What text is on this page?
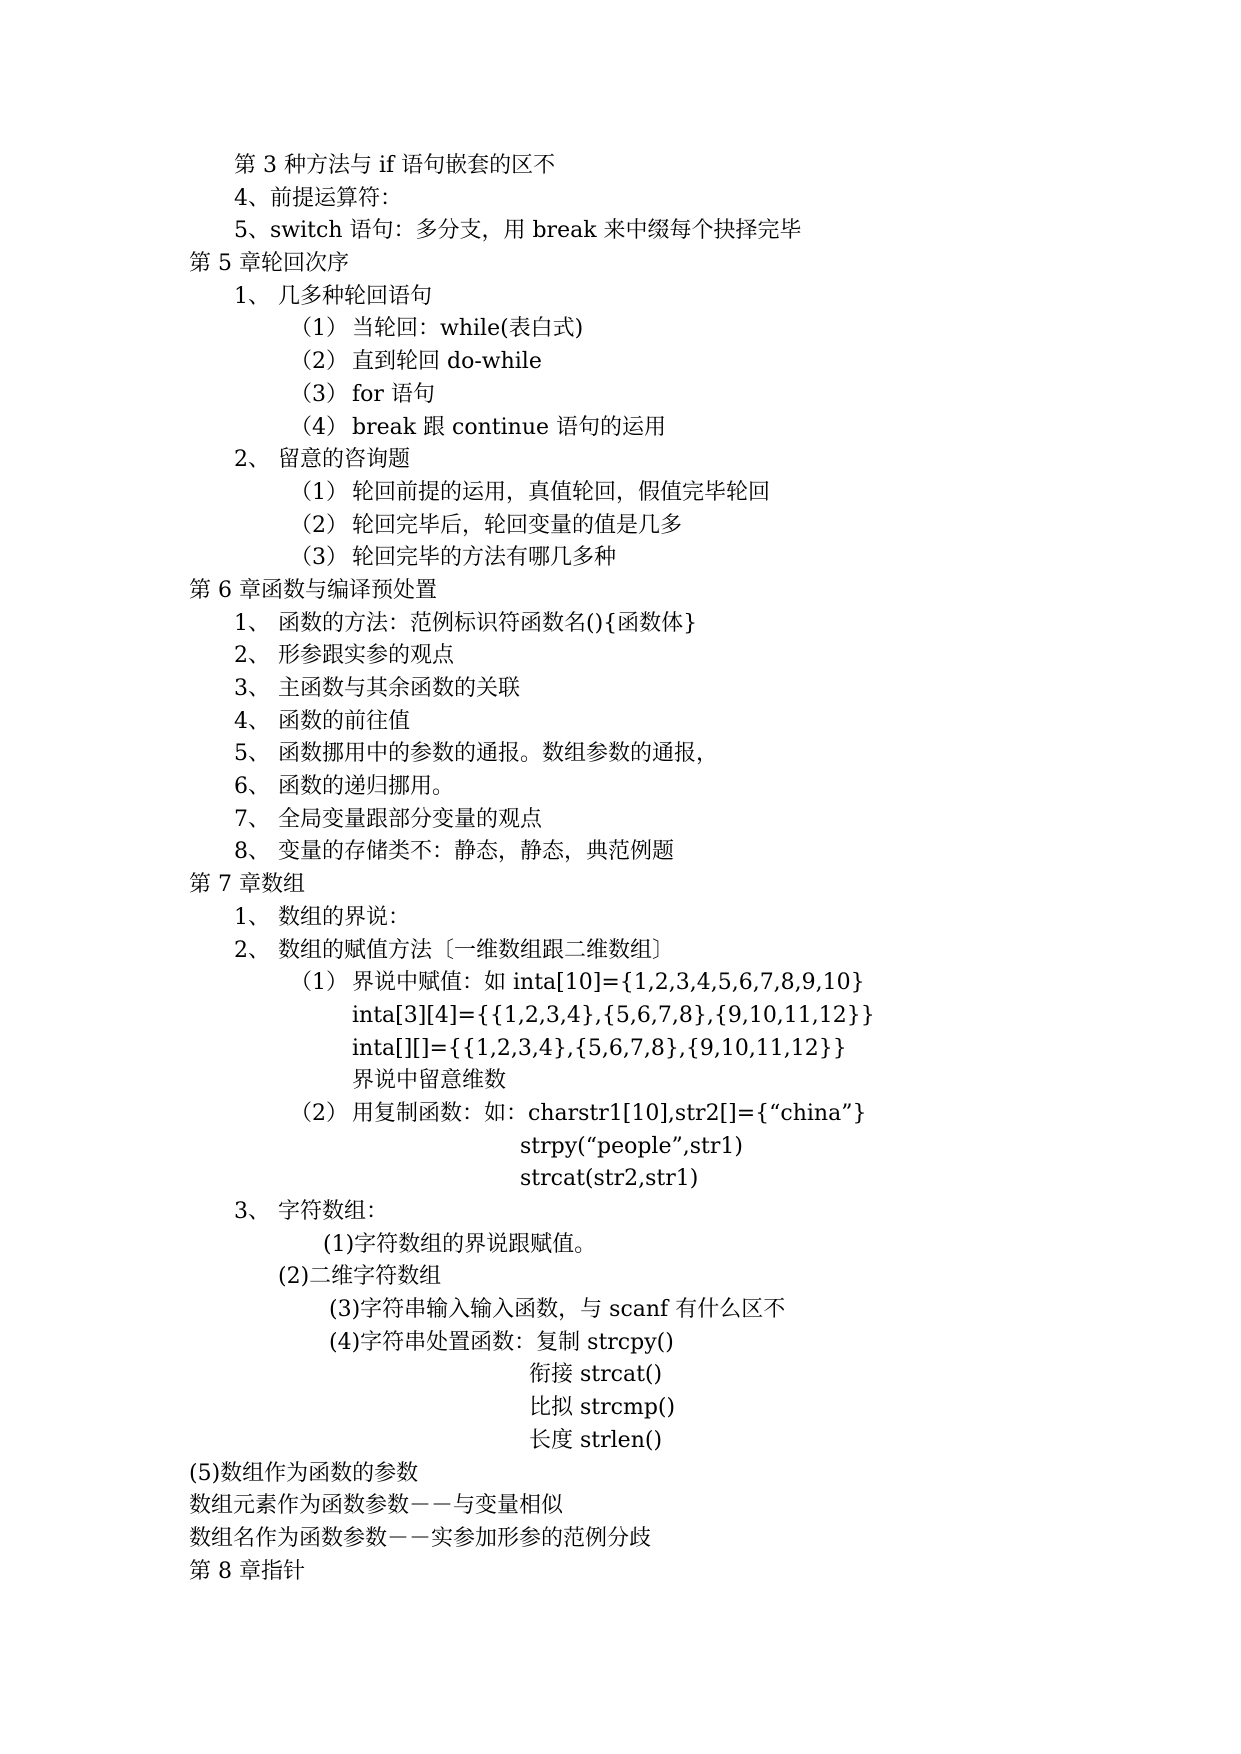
第 3 种方法与 if 语句嵌套的区不
4、前提运算符：
5、switch 语句：多分支，用 break 来中缀每个抉择完毕
第 5 章轮回次序
1、 几多种轮回语句
（1） 当轮回：while(表白式)
（2） 直到轮回 do-while
（3） for 语句
（4） break 跟 continue 语句的运用
2、 留意的咨询题
（1） 轮回前提的运用，真值轮回，假值完毕轮回
（2） 轮回完毕后，轮回变量的值是几多
（3） 轮回完毕的方法有哪几多种
第 6 章函数与编译预处置
1、 函数的方法：范例标识符函数名(){函数体}
2、 形参跟实参的观点
3、 主函数与其余函数的关联
4、 函数的前往值
5、 函数挪用中的参数的通报。数组参数的通报，
6、 函数的递归挪用。
7、 全局变量跟部分变量的观点
8、 变量的存储类不：静态，静态，典范例题
第 7 章数组
1、 数组的界说：
2、 数组的赋值方法〔一维数组跟二维数组〕
（1） 界说中赋值：如 inta[10]={1,2,3,4,5,6,7,8,9,10}
inta[3][4]={{1,2,3,4},{5,6,7,8},{9,10,11,12}}
inta[][]={{1,2,3,4},{5,6,7,8},{9,10,11,12}}
界说中留意维数
（2） 用复制函数：如：charstr1[10],str2[]={“china”}
strpy(“people”,str1)
strcat(str2,str1)
3、 字符数组：
(1)字符数组的界说跟赋值。
(2)二维字符数组
(3)字符串输入输入函数，与 scanf 有什么区不
(4)字符串处置函数：复制 strcpy()
衔接 strcat()
比拟 strcmp()
长度 strlen()
(5)数组作为函数的参数
数组元素作为函数参数－－与变量相似
数组名作为函数参数－－实参加形参的范例分歧
第 8 章指针
